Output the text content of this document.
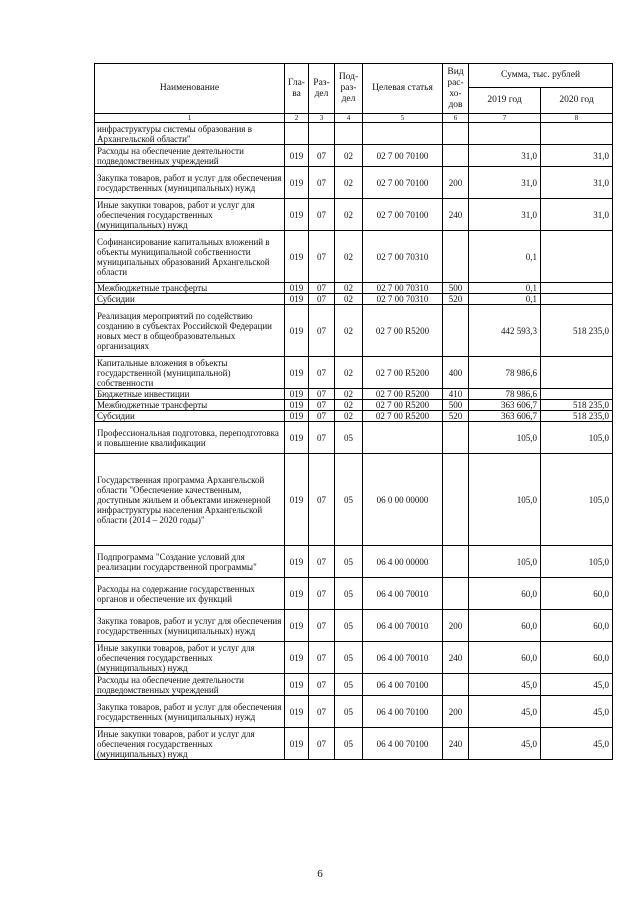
Наименование	Гла-ва	Раз-дел	Под-раз-дел	Целевая статья	Вид рас-хо-дов	Сумма, тыс. рублей	
						2019 год	2020 год
1	2	3	4	5	6	7	8
инфраструктуры системы образования в Архангельской области"							
Расходы на обеспечение деятельности подведомственных учреждений	019	07	02	02 7 00 70100		31,0	31,0
Закупка товаров, работ и услуг для обеспечения государственных (муниципальных) нужд	019	07	02	02 7 00 70100	200	31,0	31,0
Иные закупки товаров, работ и услуг для обеспечения государственных (муниципальных) нужд	019	07	02	02 7 00 70100	240	31,0	31,0
Софинансирование капитальных вложений в объекты муниципальной собственности муниципальных образований Архангельской области	019	07	02	02 7 00 70310		0,1	
Межбюджетные трансферты	019	07	02	02 7 00 70310	500	0,1	
Субсидии	019	07	02	02 7 00 70310	520	0,1	
Реализация мероприятий по содействию созданию в субъектах Российской Федерации новых мест в общеобразовательных организациях	019	07	02	02 7 00 R5200		442 593,3	518 235,0
Капитальные вложения в объекты государственной (муниципальной) собственности	019	07	02	02 7 00 R5200	400	78 986,6	
Бюджетные инвестиции	019	07	02	02 7 00 R5200	410	78 986,6	
Межбюджетные трансферты	019	07	02	02 7 00 R5200	500	363 606,7	518 235,0
Субсидии	019	07	02	02 7 00 R5200	520	363 606,7	518 235,0
Профессиональная подготовка, переподготовка и повышение квалификации	019	07	05			105,0	105,0
Государственная программа Архангельской области "Обеспечение качественным, доступным жильем и объектами инженерной инфраструктуры населения Архангельской области (2014 – 2020 годы)"	019	07	05	06 0 00 00000		105,0	105,0
Подпрограмма "Создание условий для реализации государственной программы"	019	07	05	06 4 00 00000		105,0	105,0
Расходы на содержание государственных органов и обеспечение их функций	019	07	05	06 4 00 70010		60,0	60,0
Закупка товаров, работ и услуг для обеспечения государственных (муниципальных) нужд	019	07	05	06 4 00 70010	200	60,0	60,0
Иные закупки товаров, работ и услуг для обеспечения государственных (муниципальных) нужд	019	07	05	06 4 00 70010	240	60,0	60,0
Расходы на обеспечение деятельности подведомственных учреждений	019	07	05	06 4 00 70100		45,0	45,0
Закупка товаров, работ и услуг для обеспечения государственных (муниципальных) нужд	019	07	05	06 4 00 70100	200	45,0	45,0
Иные закупки товаров, работ и услуг для обеспечения государственных (муниципальных) нужд	019	07	05	06 4 00 70100	240	45,0	45,0
6
